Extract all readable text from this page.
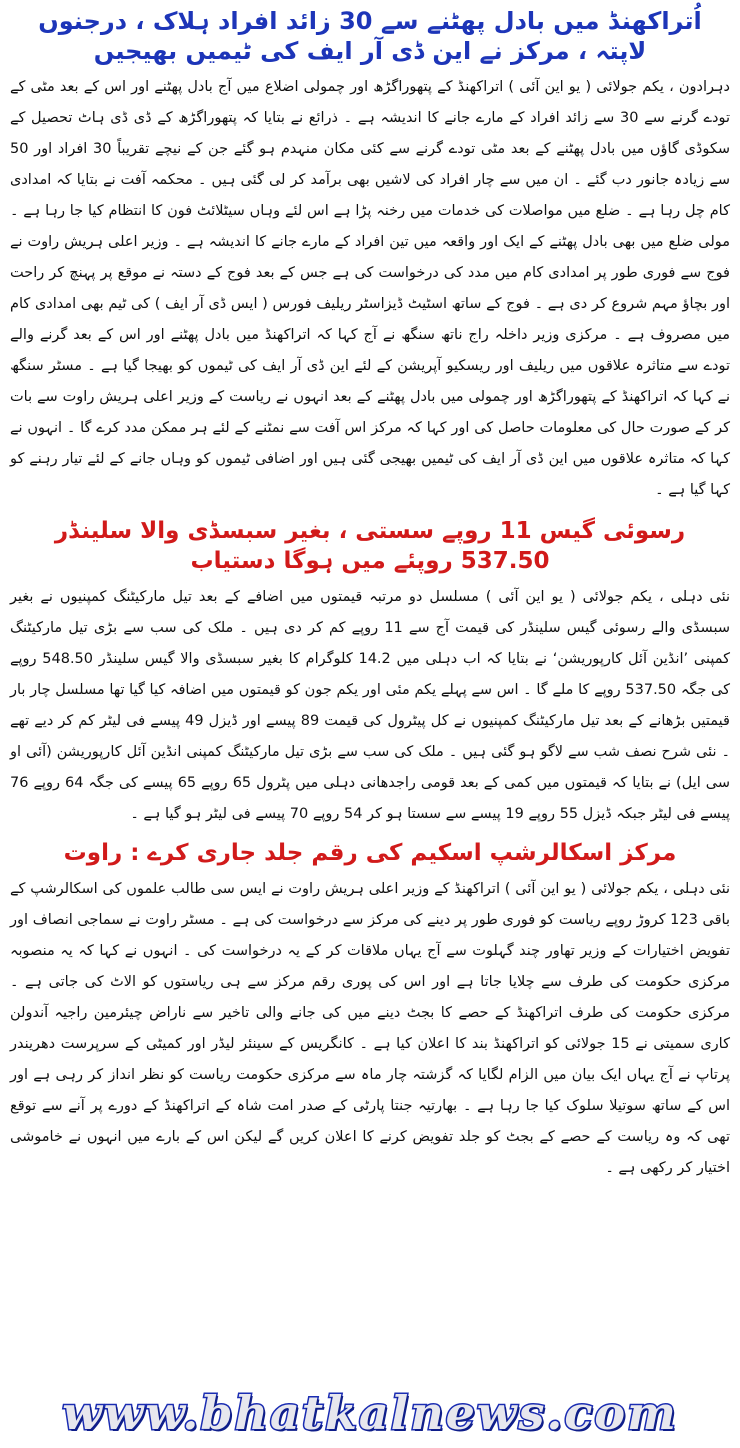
اُتراکھنڈ میں بادل پھٹنے سے 30 زائد افراد ہلاک ، درجنوں لاپتہ ، مرکز نے این ڈی آر ایف کی ٹیمیں بھیجیں

دہرادون ، یکم جولائی ( یو این آئی ) اتراکھنڈ کے پتھوراگڑھ اور چمولی اضلاع میں آج بادل پھٹنے اور اس کے بعد مٹی کے تودے گرنے سے 30 سے زائد افراد کے مارے جانے کا اندیشہ ہے ۔ ذرائع نے بتایا کہ پتھوراگڑھ کے ڈی ڈی ہاٹ تحصیل کے سکوڈی گاؤں میں بادل پھٹنے کے بعد مٹی تودے گرنے سے کئی مکان منہدم ہو گئے جن کے نیچے تقریباً 30 افراد اور 50 سے زیادہ جانور دب گئے ۔ ان میں سے چار افراد کی لاشیں بھی برآمد کر لی گئی ہیں ۔ محکمہ آفت نے بتایا کہ امدادی کام چل رہا ہے ۔ ضلع میں مواصلات کی خدمات میں رخنہ پڑا ہے اس لئے وہاں سیٹلائٹ فون کا انتظام کیا جا رہا ہے ۔ مولی ضلع میں بھی بادل پھٹنے کے ایک اور واقعہ میں تین افراد کے مارے جانے کا اندیشہ ہے ۔ وزیر اعلی ہریش راوت نے فوج سے فوری طور پر امدادی کام میں مدد کی درخواست کی ہے جس کے بعد فوج کے دستہ نے موقع پر پہنچ کر راحت اور بچاؤ مہم شروع کر دی ہے ۔ فوج کے ساتھ اسٹیٹ ڈیزاسٹر ریلیف فورس ( ایس ڈی آر ایف ) کی ٹیم بھی امدادی کام میں مصروف ہے ۔ مرکزی وزیر داخلہ راج ناتھ سنگھ نے آج کہا کہ اتراکھنڈ میں بادل پھٹنے اور اس کے بعد گرنے والے تودے سے متاثرہ علاقوں میں ریلیف اور ریسکیو آپریشن کے لئے این ڈی آر ایف کی ٹیموں کو بھیجا گیا ہے ۔ مسٹر سنگھ نے کہا کہ اتراکھنڈ کے پتھوراگڑھ اور چمولی میں بادل پھٹنے کے بعد انہوں نے ریاست کے وزیر اعلی ہریش راوت سے بات کر کے صورت حال کی معلومات حاصل کی اور کہا کہ مرکز اس آفت سے نمٹنے کے لئے ہر ممکن مدد کرے گا ۔ انہوں نے کہا کہ متاثرہ علاقوں میں این ڈی آر ایف کی ٹیمیں بھیجی گئی ہیں اور اضافی ٹیموں کو وہاں جانے کے لئے تیار رہنے کو کہا گیا ہے ۔

رسوئی گیس 11 روپے سستی ، بغیر سبسڈی والا سلینڈر 537.50 روپئے میں ہوگا دستیاب

نئی دہلی ، یکم جولائی ( یو این آئی ) مسلسل دو مرتبہ قیمتوں میں اضافے کے بعد تیل مارکیٹنگ کمپنیوں نے بغیر سبسڈی والے رسوئی گیس سلینڈر کی قیمت آج سے 11 روپے کم کر دی ہیں ۔ ملک کی سب سے بڑی تیل مارکیٹنگ کمپنی ’انڈین آئل کارپوریشن‘ نے بتایا کہ اب دہلی میں 14.2 کلوگرام کا بغیر سبسڈی والا گیس سلینڈر 548.50 روپے کی جگہ 537.50 روپے کا ملے گا ۔ اس سے پہلے یکم مئی اور یکم جون کو قیمتوں میں اضافہ کیا گیا تھا مسلسل چار بار قیمتیں بڑھانے کے بعد تیل مارکیٹنگ کمپنیوں نے کل پیٹرول کی قیمت 89 پیسے اور ڈیزل 49 پیسے فی لیٹر کم کر دیے تھے ۔ نئی شرح نصف شب سے لاگو ہو گئی ہیں ۔ ملک کی سب سے بڑی تیل مارکیٹنگ کمپنی انڈین آئل کارپوریشن (آئی او سی ایل) نے بتایا کہ قیمتوں میں کمی کے بعد قومی راجدھانی دہلی میں پٹرول 65 روپے 65 پیسے کی جگہ 64 روپے 76 پیسے فی لیٹر جبکہ ڈیزل 55 روپے 19 پیسے سے سستا ہو کر 54 روپے 70 پیسے فی لیٹر ہو گیا ہے ۔

مرکز اسکالرشپ اسکیم کی رقم جلد جاری کرے : راوت

نئی دہلی ، یکم جولائی ( یو این آئی ) اتراکھنڈ کے وزیر اعلی ہریش راوت نے ایس سی طالب علموں کی اسکالرشپ کے باقی 123 کروڑ روپے ریاست کو فوری طور پر دینے کی مرکز سے درخواست کی ہے ۔ مسٹر راوت نے سماجی انصاف اور تفویض اختیارات کے وزیر تھاور چند گہلوت سے آج یہاں ملاقات کر کے یہ درخواست کی ۔ انہوں نے کہا کہ یہ منصوبہ مرکزی حکومت کی طرف سے چلایا جاتا ہے اور اس کی پوری رقم مرکز سے ہی ریاستوں کو الاٹ کی جاتی ہے ۔ مرکزی حکومت کی طرف اتراکھنڈ کے حصے کا بجٹ دینے میں کی جانے والی تاخیر سے ناراض چیئرمین راجیہ آندولن کاری سمیتی نے 15 جولائی کو اتراکھنڈ بند کا اعلان کیا ہے ۔ کانگریس کے سینئر لیڈر اور کمیٹی کے سرپرست دھریندر پرتاپ نے آج یہاں ایک بیان میں الزام لگایا کہ گزشتہ چار ماہ سے مرکزی حکومت ریاست کو نظر انداز کر رہی ہے اور اس کے ساتھ سوتیلا سلوک کیا جا رہا ہے ۔ بھارتیہ جنتا پارٹی کے صدر امت شاہ کے اتراکھنڈ کے دورے پر آنے سے توقع تھی کہ وہ ریاست کے حصے کے بجٹ کو جلد تفویض کرنے کا اعلان کریں گے لیکن اس کے بارے میں انہوں نے خاموشی اختیار کر رکھی ہے ۔

www.bhatkalnews.com
